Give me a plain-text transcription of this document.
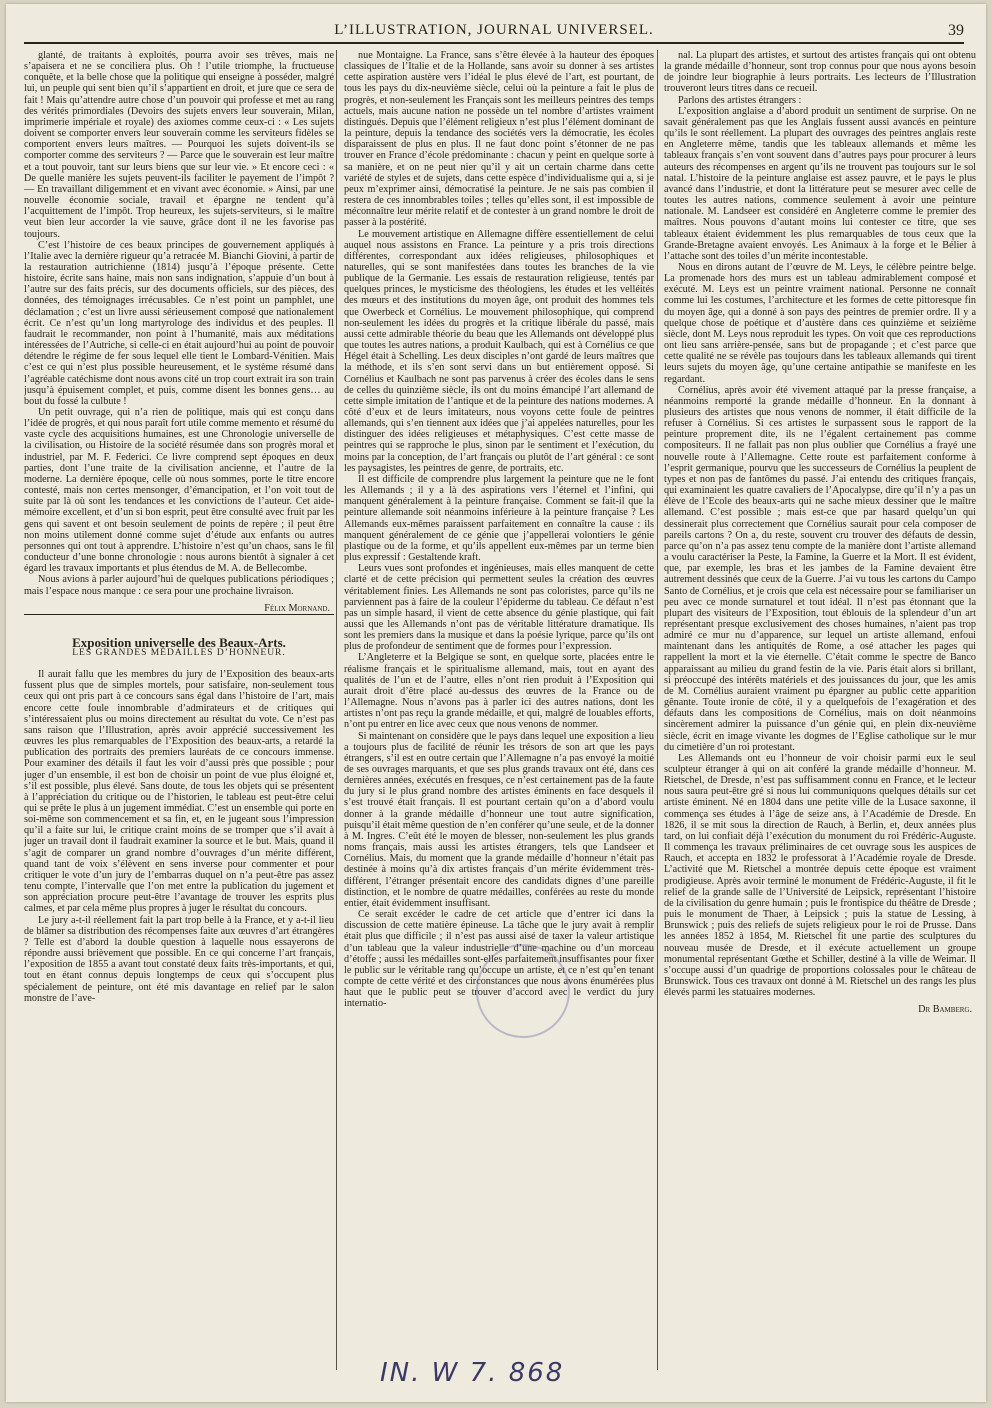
L’ILLUSTRATION, JOURNAL UNIVERSEL.	39

glanté, de traitants à exploités, pourra avoir ses trêves, mais ne s’apaisera et ne se conciliera plus. Oh ! l’utile triomphe, la fructueuse conquête, et la belle chose que la politique qui enseigne à posséder, malgré lui, un peuple qui sent bien qu’il s’appartient en droit, et jure que ce sera de fait ! Mais qu’attendre autre chose d’un pouvoir qui professe et met au rang des vérités primordiales (Devoirs des sujets envers leur souverain, Milan, imprimerie impériale et royale) des axiomes comme ceux-ci : « Les sujets doivent se comporter envers leur souverain comme les serviteurs fidèles se comportent envers leurs maîtres. — Pourquoi les sujets doivent-ils se comporter comme des serviteurs ? — Parce que le souverain est leur maître et a tout pouvoir, tant sur leurs biens que sur leur vie. » Et encore ceci : « De quelle manière les sujets peuvent-ils faciliter le payement de l’impôt ? — En travaillant diligemment et en vivant avec économie. » Ainsi, par une nouvelle économie sociale, travail et épargne ne tendent qu’à l’acquittement de l’impôt. Trop heureux, les sujets-serviteurs, si le maître veut bien leur accorder la vie sauve, grâce dont il ne les favorise pas toujours.

C’est l’histoire de ces beaux principes de gouvernement appliqués à l’Italie avec la dernière rigueur qu’a retracée M. Bianchi Giovini, à partir de la restauration autrichienne (1814) jusqu’à l’époque présente. Cette histoire, écrite sans haine, mais non sans indignation, s’appuie d’un bout à l’autre sur des faits précis, sur des documents officiels, sur des pièces, des données, des témoignages irrécusables. Ce n’est point un pamphlet, une déclamation ; c’est un livre aussi sérieusement composé que nationalement écrit. Ce n’est qu’un long martyrologe des individus et des peuples. Il faudrait le recommander, non point à l’humanité, mais aux méditations intéressées de l’Autriche, si celle-ci en était aujourd’hui au point de pouvoir détendre le régime de fer sous lequel elle tient le Lombard-Vénitien. Mais c’est ce qui n’est plus possible heureusement, et le système résumé dans l’agréable catéchisme dont nous avons cité un trop court extrait ira son train jusqu’à épuisement complet, et puis, comme disent les bonnes gens… au bout du fossé la culbute !

Un petit ouvrage, qui n’a rien de politique, mais qui est conçu dans l’idée de progrès, et qui nous paraît fort utile comme memento et résumé du vaste cycle des acquisitions humaines, est une Chronologie universelle de la civilisation, ou Histoire de la société résumée dans son progrès moral et industriel, par M. F. Federici. Ce livre comprend sept époques en deux parties, dont l’une traite de la civilisation ancienne, et l’autre de la moderne. La dernière époque, celle où nous sommes, porte le titre encore contesté, mais non certes mensonger, d’émancipation, et l’on voit tout de suite par là où sont les tendances et les convictions de l’auteur. Cet aide-mémoire excellent, et d’un si bon esprit, peut être consulté avec fruit par les gens qui savent et ont besoin seulement de points de repère ; il peut être non moins utilement donné comme sujet d’étude aux enfants ou autres personnes qui ont tout à apprendre. L’histoire n’est qu’un chaos, sans le fil conducteur d’une bonne chronologie : nous aurons bientôt à signaler à cet égard les travaux importants et plus étendus de M. A. de Bellecombe.

Nous avions à parler aujourd’hui de quelques publications périodiques ; mais l’espace nous manque : ce sera pour une prochaine livraison.

Félix Mornand.

Exposition universelle des Beaux-Arts.

LES GRANDES MÉDAILLES D’HONNEUR.

Il aurait fallu que les membres du jury de l’Exposition des beaux-arts fussent plus que de simples mortels, pour satisfaire, non-seulement tous ceux qui ont pris part à ce concours sans égal dans l’histoire de l’art, mais encore cette foule innombrable d’admirateurs et de critiques qui s’intéressaient plus ou moins directement au résultat du vote. Ce n’est pas sans raison que l’Illustration, après avoir apprécié successivement les œuvres les plus remarquables de l’Exposition des beaux-arts, a retardé la publication des portraits des premiers lauréats de ce concours immense. Pour examiner des détails il faut les voir d’aussi près que possible ; pour juger d’un ensemble, il est bon de choisir un point de vue plus éloigné et, s’il est possible, plus élevé. Sans doute, de tous les objets qui se présentent à l’appréciation du critique ou de l’historien, le tableau est peut-être celui qui se prête le plus à un jugement immédiat. C’est un ensemble qui porte en soi-même son commencement et sa fin, et, en le jugeant sous l’impression qu’il a faite sur lui, le critique craint moins de se tromper que s’il avait à juger un travail dont il faudrait examiner la source et le but. Mais, quand il s’agit de comparer un grand nombre d’ouvrages d’un mérite différent, quand tant de voix s’élèvent en sens inverse pour commenter et pour critiquer le vote d’un jury de l’embarras duquel on n’a peut-être pas assez tenu compte, l’intervalle que l’on met entre la publication du jugement et son appréciation procure peut-être l’avantage de trouver les esprits plus calmes, et par cela même plus propres à juger le résultat du concours.

Le jury a-t-il réellement fait la part trop belle à la France, et y a-t-il lieu de blâmer sa distribution des récompenses faite aux œuvres d’art étrangères ? Telle est d’abord la double question à laquelle nous essayerons de répondre aussi brièvement que possible. En ce qui concerne l’art français, l’exposition de 1855 a avant tout constaté deux faits très-importants, et qui, tout en étant connus depuis longtemps de ceux qui s’occupent plus spécialement de peinture, ont été mis davantage en relief par le salon monstre de l’ave-

nue Montaigne. La France, sans s’être élevée à la hauteur des époques classiques de l’Italie et de la Hollande, sans avoir su donner à ses artistes cette aspiration austère vers l’idéal le plus élevé de l’art, est pourtant, de tous les pays du dix-neuvième siècle, celui où la peinture a fait le plus de progrès, et non-seulement les Français sont les meilleurs peintres des temps actuels, mais aucune nation ne possède un tel nombre d’artistes vraiment distingués. Depuis que l’élément religieux n’est plus l’élément dominant de la peinture, depuis la tendance des sociétés vers la démocratie, les écoles disparaissent de plus en plus. Il ne faut donc point s’étonner de ne pas trouver en France d’école prédominante : chacun y peint en quelque sorte à sa manière, et on ne peut nier qu’il y ait un certain charme dans cette variété de styles et de sujets, dans cette espèce d’individualisme qui a, si je peux m’exprimer ainsi, démocratisé la peinture. Je ne sais pas combien il restera de ces innombrables toiles ; telles qu’elles sont, il est impossible de méconnaître leur mérite relatif et de contester à un grand nombre le droit de passer à la postérité.

Le mouvement artistique en Allemagne diffère essentiellement de celui auquel nous assistons en France. La peinture y a pris trois directions différentes, correspondant aux idées religieuses, philosophiques et naturelles, qui se sont manifestées dans toutes les branches de la vie publique de la Germanie. Les essais de restauration religieuse, tentés par quelques princes, le mysticisme des théologiens, les études et les velléités des mœurs et des institutions du moyen âge, ont produit des hommes tels que Owerbeck et Cornélius. Le mouvement philosophique, qui comprend non-seulement les idées du progrès et la critique libérale du passé, mais aussi cette admirable théorie du beau que les Allemands ont développé plus que toutes les autres nations, a produit Kaulbach, qui est à Cornélius ce que Hégel était à Schelling. Les deux disciples n’ont gardé de leurs maîtres que la méthode, et ils s’en sont servi dans un but entièrement opposé. Si Cornélius et Kaulbach ne sont pas parvenus à créer des écoles dans le sens de celles du quinzième siècle, ils ont du moins émancipé l’art allemand de cette simple imitation de l’antique et de la peinture des nations modernes. A côté d’eux et de leurs imitateurs, nous voyons cette foule de peintres allemands, qui s’en tiennent aux idées que j’ai appelées naturelles, pour les distinguer des idées religieuses et métaphysiques. C’est cette masse de peintres qui se rapproche le plus, sinon par le sentiment et l’exécution, du moins par la conception, de l’art français ou plutôt de l’art général : ce sont les paysagistes, les peintres de genre, de portraits, etc.

Il est difficile de comprendre plus largement la peinture que ne le font les Allemands ; il y a là des aspirations vers l’éternel et l’infini, qui manquent généralement à la peinture française. Comment se fait-il que la peinture allemande soit néanmoins inférieure à la peinture française ? Les Allemands eux-mêmes paraissent parfaitement en connaître la cause : ils manquent généralement de ce génie que j’appellerai volontiers le génie plastique ou de la forme, et qu’ils appellent eux-mêmes par un terme bien plus expressif : Gestaltende kraft.

Leurs vues sont profondes et ingénieuses, mais elles manquent de cette clarté et de cette précision qui permettent seules la création des œuvres véritablement finies. Les Allemands ne sont pas coloristes, parce qu’ils ne parviennent pas à faire de la couleur l’épiderme du tableau. Ce défaut n’est pas un simple hasard, il vient de cette absence du génie plastique, qui fait aussi que les Allemands n’ont pas de véritable littérature dramatique. Ils sont les premiers dans la musique et dans la poésie lyrique, parce qu’ils ont plus de profondeur de sentiment que de formes pour l’expression.

L’Angleterre et la Belgique se sont, en quelque sorte, placées entre le réalisme français et le spiritualisme allemand, mais, tout en ayant des qualités de l’un et de l’autre, elles n’ont rien produit à l’Exposition qui aurait droit d’être placé au-dessus des œuvres de la France ou de l’Allemagne. Nous n’avons pas à parler ici des autres nations, dont les artistes n’ont pas reçu la grande médaille, et qui, malgré de louables efforts, n’ont pu entrer en lice avec ceux que nous venons de nommer.

Si maintenant on considère que le pays dans lequel une exposition a lieu a toujours plus de facilité de réunir les trésors de son art que les pays étrangers, s’il est en outre certain que l’Allemagne n’a pas envoyé la moitié de ses ouvrages marquants, et que ses plus grands travaux ont été, dans ces dernières années, exécutés en fresques, ce n’est certainement pas de la faute du jury si le plus grand nombre des artistes éminents en face desquels il s’est trouvé était français. Il est pourtant certain qu’on a d’abord voulu donner à la grande médaille d’honneur une tout autre signification, puisqu’il était même question de n’en conférer qu’une seule, et de la donner à M. Ingres. C’eût été le moyen de blesser, non-seulement les plus grands noms français, mais aussi les artistes étrangers, tels que Landseer et Cornélius. Mais, du moment que la grande médaille d’honneur n’était pas destinée à moins qu’à dix artistes français d’un mérite évidemment très-différent, l’étranger présentait encore des candidats dignes d’une pareille distinction, et le nombre de quatre médailles, conférées au reste du monde entier, était évidemment insuffisant.

Ce serait excéder le cadre de cet article que d’entrer ici dans la discussion de cette matière épineuse. La tâche que le jury avait à remplir était plus que difficile ; il n’est pas aussi aisé de taxer la valeur artistique d’un tableau que la valeur industrielle d’une machine ou d’un morceau d’étoffe ; aussi les médailles sont-elles parfaitement insuffisantes pour fixer le public sur le véritable rang qu’occupe un artiste, et ce n’est qu’en tenant compte de cette vérité et des circonstances que nous avons énumérées plus haut que le public peut se trouver d’accord avec le verdict du jury internatio-

nal. La plupart des artistes, et surtout des artistes français qui ont obtenu la grande médaille d’honneur, sont trop connus pour que nous ayons besoin de joindre leur biographie à leurs portraits. Les lecteurs de l’Illustration trouveront leurs titres dans ce recueil.

Parlons des artistes étrangers :

L’exposition anglaise a d’abord produit un sentiment de surprise. On ne savait généralement pas que les Anglais fussent aussi avancés en peinture qu’ils le sont réellement. La plupart des ouvrages des peintres anglais reste en Angleterre même, tandis que les tableaux allemands et même les tableaux français s’en vont souvent dans d’autres pays pour procurer à leurs auteurs des récompenses en argent qu’ils ne trouvent pas toujours sur le sol natal. L’histoire de la peinture anglaise est assez pauvre, et le pays le plus avancé dans l’industrie, et dont la littérature peut se mesurer avec celle de toutes les autres nations, commence seulement à avoir une peinture nationale. M. Landseer est considéré en Angleterre comme le premier des maîtres. Nous pouvons d’autant moins lui contester ce titre, que ses tableaux étaient évidemment les plus remarquables de tous ceux que la Grande-Bretagne avaient envoyés. Les Animaux à la forge et le Bélier à l’attache sont des toiles d’un mérite incontestable.

Nous en dirons autant de l’œuvre de M. Leys, le célèbre peintre belge. La promenade hors des murs est un tableau admirablement composé et exécuté. M. Leys est un peintre vraiment national. Personne ne connaît comme lui les costumes, l’architecture et les formes de cette pittoresque fin du moyen âge, qui a donné à son pays des peintres de premier ordre. Il y a quelque chose de poétique et d’austère dans ces quinzième et seizième siècle, dont M. Leys nous reproduit les types. On voit que ces reproductions ont lieu sans arrière-pensée, sans but de propagande ; et c’est parce que cette qualité ne se révèle pas toujours dans les tableaux allemands qui tirent leurs sujets du moyen âge, qu’une certaine antipathie se manifeste en les regardant.

Cornélius, après avoir été vivement attaqué par la presse française, a néanmoins remporté la grande médaille d’honneur. En la donnant à plusieurs des artistes que nous venons de nommer, il était difficile de la refuser à Cornélius. Si ces artistes le surpassent sous le rapport de la peinture proprement dite, ils ne l’égalent certainement pas comme compositeurs. Il ne fallait pas non plus oublier que Cornélius a frayé une nouvelle route à l’Allemagne. Cette route est parfaitement conforme à l’esprit germanique, pourvu que les successeurs de Cornélius la peuplent de types et non pas de fantômes du passé. J’ai entendu des critiques français, qui examinaient les quatre cavaliers de l’Apocalypse, dire qu’il n’y a pas un élève de l’Ecole des beaux-arts qui ne sache mieux dessiner que le maître allemand. C’est possible ; mais est-ce que par hasard quelqu’un qui dessinerait plus correctement que Cornélius saurait pour cela composer de pareils cartons ? On a, du reste, souvent cru trouver des défauts de dessin, parce qu’on n’a pas assez tenu compte de la manière dont l’artiste allemand a voulu caractériser la Peste, la Famine, la Guerre et la Mort. Il est évident, que, par exemple, les bras et les jambes de la Famine devaient être autrement dessinés que ceux de la Guerre. J’ai vu tous les cartons du Campo Santo de Cornélius, et je crois que cela est nécessaire pour se familiariser un peu avec ce monde surnaturel et tout idéal. Il n’est pas étonnant que la plupart des visiteurs de l’Exposition, tout éblouis de la splendeur d’un art représentant presque exclusivement des choses humaines, n’aient pas trop admiré ce mur nu d’apparence, sur lequel un artiste allemand, enfoui maintenant dans les antiquités de Rome, a osé attacher les pages qui rappellent la mort et la vie éternelle. C’était comme le spectre de Banco apparaissant au milieu du grand festin de la vie. Paris était alors si brillant, si préoccupé des intérêts matériels et des jouissances du jour, que les amis de M. Cornélius auraient vraiment pu épargner au public cette apparition gênante. Toute ironie de côté, il y a quelquefois de l’exagération et des défauts dans les compositions de Cornélius, mais on doit néanmoins sincèrement admirer la puissance d’un génie qui, en plein dix-neuvième siècle, écrit en image vivante les dogmes de l’Eglise catholique sur le mur du cimetière d’un roi protestant.

Les Allemands ont eu l’honneur de voir choisir parmi eux le seul sculpteur étranger à qui on ait conféré la grande médaille d’honneur. M. Rietschel, de Dresde, n’est pas suffisamment connu en France, et le lecteur nous saura peut-être gré si nous lui communiquons quelques détails sur cet artiste éminent. Né en 1804 dans une petite ville de la Lusace saxonne, il commença ses études à l’âge de seize ans, à l’Académie de Dresde. En 1826, il se mit sous la direction de Rauch, à Berlin, et, deux années plus tard, on lui confiait déjà l’exécution du monument du roi Frédéric-Auguste. Il commença les travaux préliminaires de cet ouvrage sous les auspices de Rauch, et accepta en 1832 le professorat à l’Académie royale de Dresde. L’activité que M. Rietschel a montrée depuis cette époque est vraiment prodigieuse. Après avoir terminé le monument de Frédéric-Auguste, il fit le relief de la grande salle de l’Université de Leipsick, représentant l’histoire de la civilisation du genre humain ; puis le frontispice du théâtre de Dresde ; puis le monument de Thaer, à Leipsick ; puis la statue de Lessing, à Brunswick ; puis des reliefs de sujets religieux pour le roi de Prusse. Dans les années 1852 à 1854, M. Rietschel fit une partie des sculptures du nouveau musée de Dresde, et il exécute actuellement un groupe monumental représentant Gœthe et Schiller, destiné à la ville de Weimar. Il s’occupe aussi d’un quadrige de proportions colossales pour le château de Brunswick. Tous ces travaux ont donné à M. Rietschel un des rangs les plus élevés parmi les statuaires modernes.

Dr Bamberg.

IN. W 7. 868
